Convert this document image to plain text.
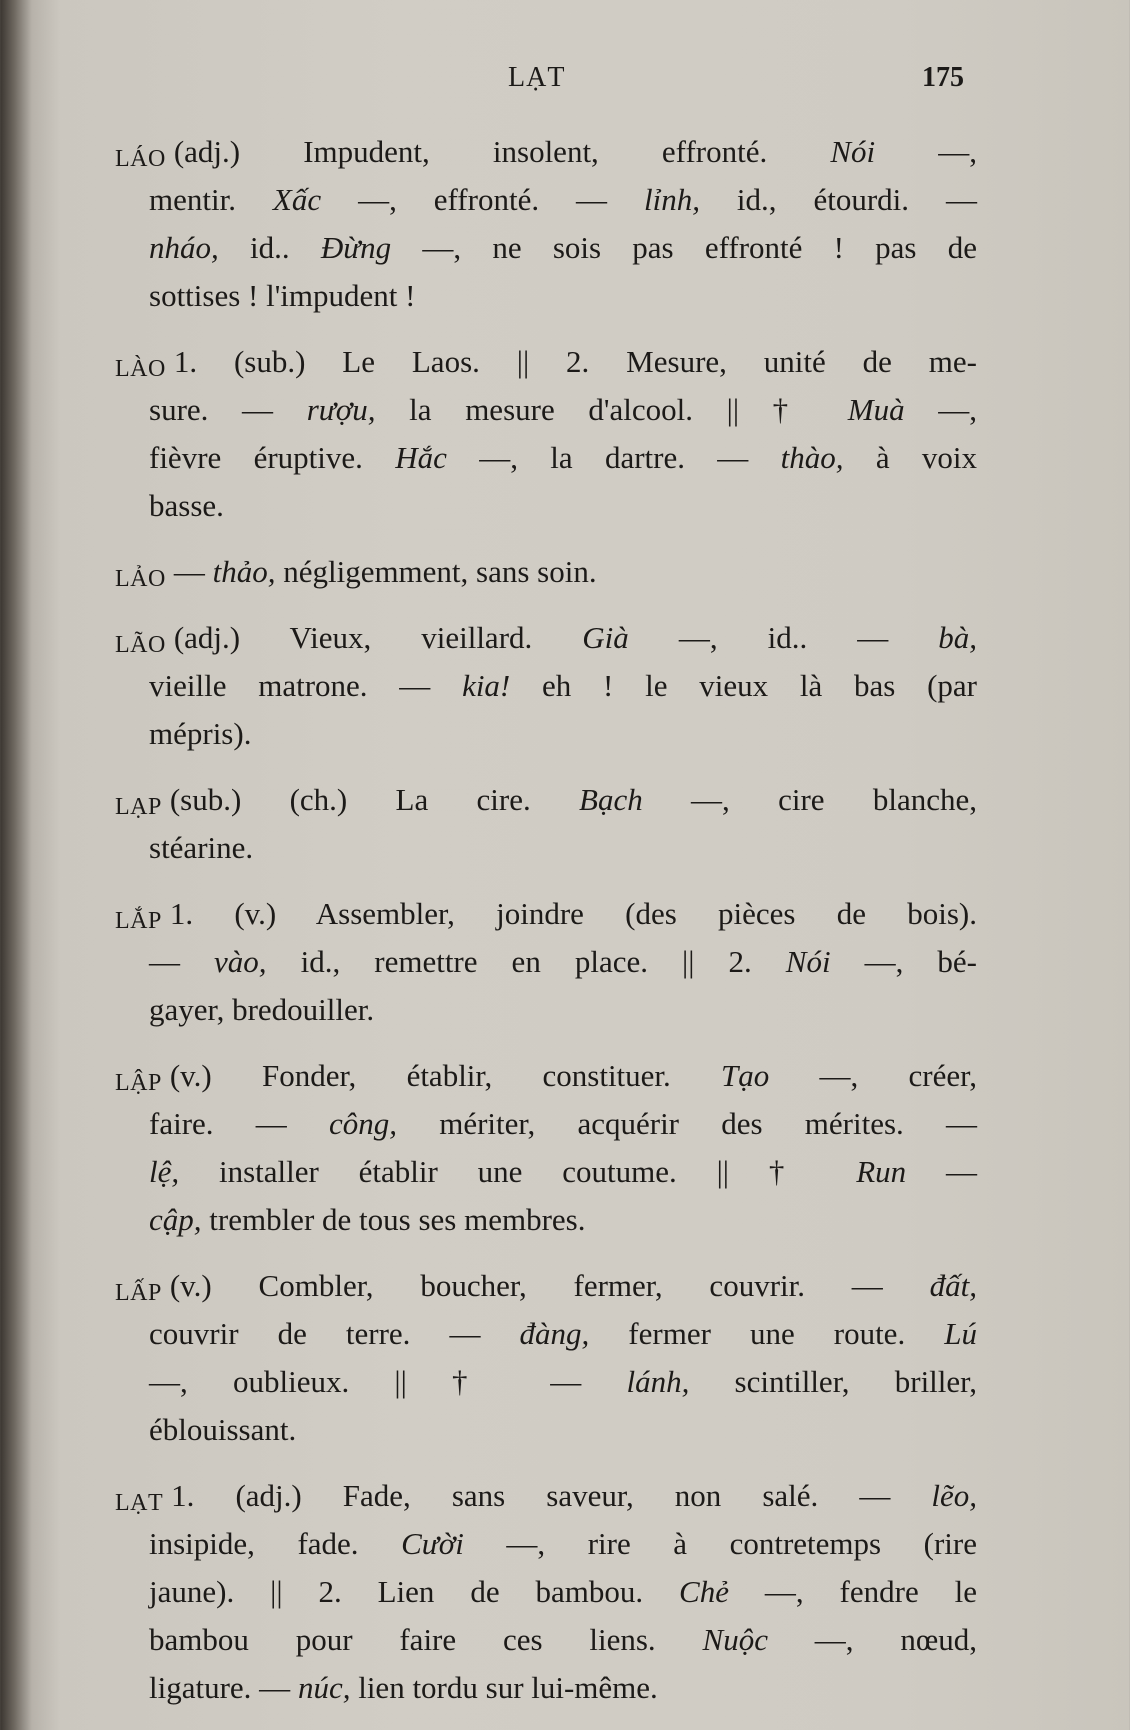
LẠT	175
LÁO (adj.) Impudent, insolent, effronté. Nói —,
mentir. Xấc —, effronté. — lỉnh, id., étourdi. —
nháo, id.. Đừng —, ne sois pas effronté ! pas de
sottises ! l'impudent !
LÀO 1. (sub.) Le Laos. || 2. Mesure, unité de me-
sure. — rượu, la mesure d'alcool. || † Muà —,
fièvre éruptive. Hắc —, la dartre. — thào, à voix
basse.
LẢO — thảo, négligemment, sans soin.
LÃO (adj.) Vieux, vieillard. Già —, id.. — bà,
vieille matrone. — kia! eh ! le vieux là bas (par
mépris).
LẠP (sub.) (ch.) La cire. Bạch —, cire blanche,
stéarine.
LẮP 1. (v.) Assembler, joindre (des pièces de bois).
— vào, id., remettre en place. || 2. Nói —, bé-
gayer, bredouiller.
LẬP (v.) Fonder, établir, constituer. Tạo —, créer,
faire. — công, mériter, acquérir des mérites. —
lệ, installer établir une coutume. || † Run —
cập, trembler de tous ses membres.
LẤP (v.) Combler, boucher, fermer, couvrir. — đất,
couvrir de terre. — đàng, fermer une route. Lú
—, oublieux. || † — lánh, scintiller, briller,
éblouissant.
LẠT 1. (adj.) Fade, sans saveur, non salé. — lẽo,
insipide, fade. Cười —, rire à contretemps (rire
jaune). || 2. Lien de bambou. Chẻ —, fendre le
bambou pour faire ces liens. Nuộc —, nœud,
ligature. — núc, lien tordu sur lui-même.
